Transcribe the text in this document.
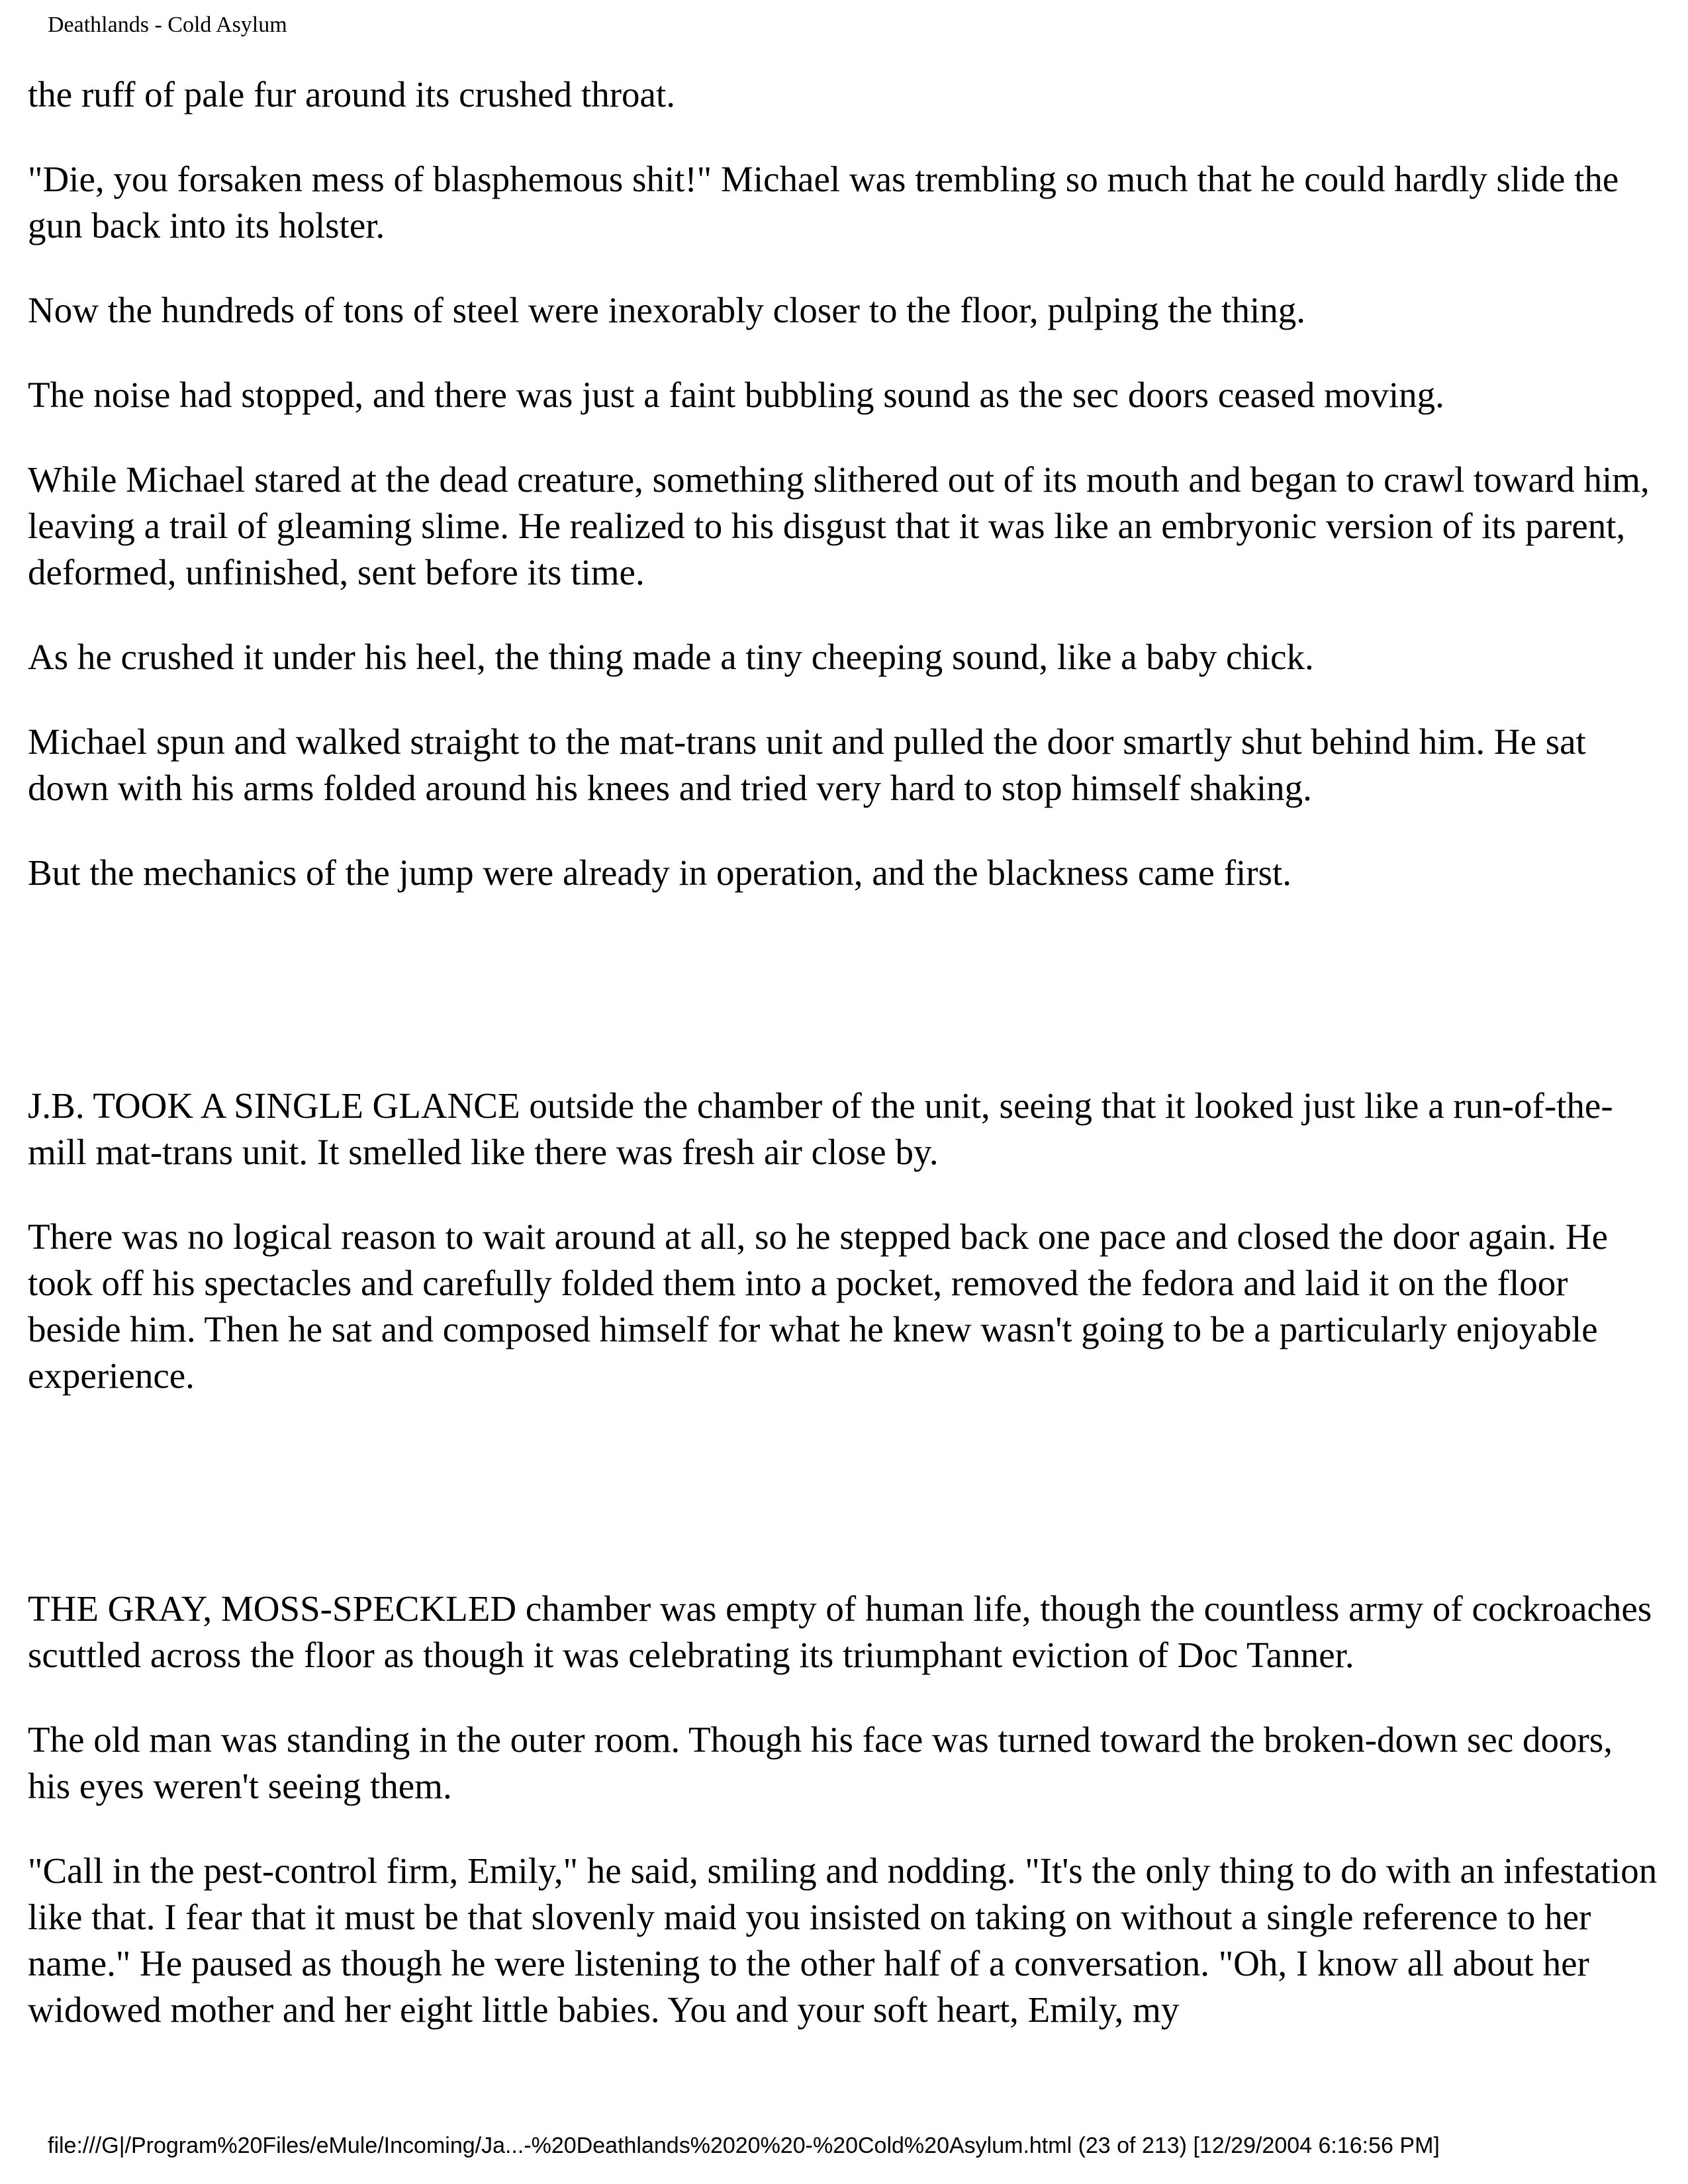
Deathlands - Cold Asylum

the ruff of pale fur around its crushed throat.

"Die, you forsaken mess of blasphemous shit!" Michael was trembling so much that he could hardly slide the gun back into its holster.

Now the hundreds of tons of steel were inexorably closer to the floor, pulping the thing.

The noise had stopped, and there was just a faint bubbling sound as the sec doors ceased moving.

While Michael stared at the dead creature, something slithered out of its mouth and began to crawl toward him, leaving a trail of gleaming slime. He realized to his disgust that it was like an embryonic version of its parent, deformed, unfinished, sent before its time.

As he crushed it under his heel, the thing made a tiny cheeping sound, like a baby chick.

Michael spun and walked straight to the mat-trans unit and pulled the door smartly shut behind him. He sat down with his arms folded around his knees and tried very hard to stop himself shaking.

But the mechanics of the jump were already in operation, and the blackness came first.

J.B. TOOK A SINGLE GLANCE outside the chamber of the unit, seeing that it looked just like a run-of-the-mill mat-trans unit. It smelled like there was fresh air close by.

There was no logical reason to wait around at all, so he stepped back one pace and closed the door again. He took off his spectacles and carefully folded them into a pocket, removed the fedora and laid it on the floor beside him. Then he sat and composed himself for what he knew wasn't going to be a particularly enjoyable experience.

THE GRAY, MOSS-SPECKLED chamber was empty of human life, though the countless army of cockroaches scuttled across the floor as though it was celebrating its triumphant eviction of Doc Tanner.

The old man was standing in the outer room. Though his face was turned toward the broken-down sec doors, his eyes weren't seeing them.

"Call in the pest-control firm, Emily," he said, smiling and nodding. "It's the only thing to do with an infestation like that. I fear that it must be that slovenly maid you insisted on taking on without a single reference to her name." He paused as though he were listening to the other half of a conversation. "Oh, I know all about her widowed mother and her eight little babies. You and your soft heart, Emily, my

file:///G|/Program%20Files/eMule/Incoming/Ja...-%20Deathlands%2020%20-%20Cold%20Asylum.html (23 of 213) [12/29/2004 6:16:56 PM]
